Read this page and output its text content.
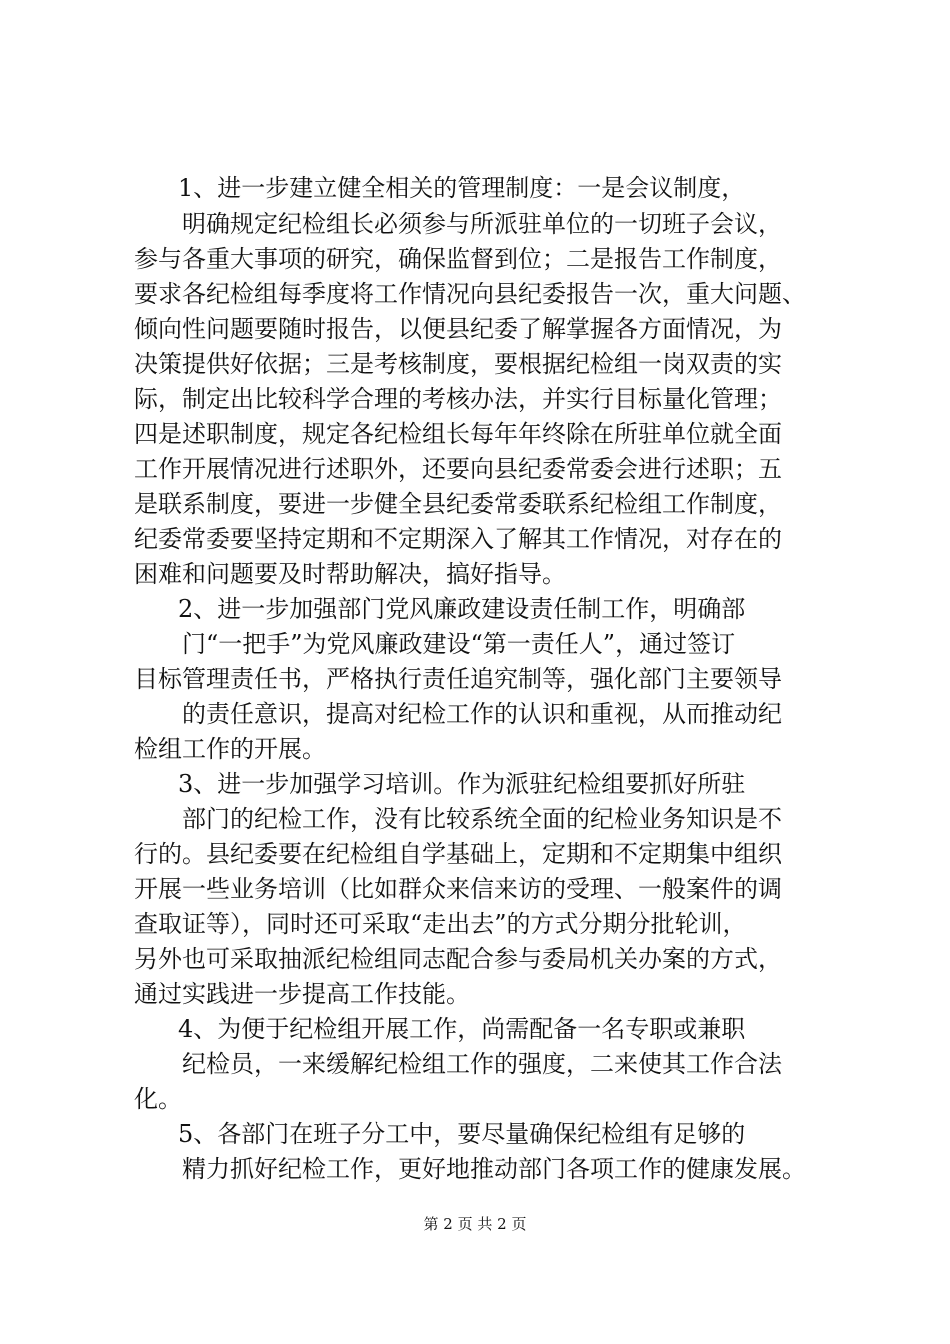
1、进一步建立健全相关的管理制度：一是会议制度，
明确规定纪检组长必须参与所派驻单位的一切班子会议，
参与各重大事项的研究，确保监督到位；二是报告工作制度，
要求各纪检组每季度将工作情况向县纪委报告一次，重大问题、
倾向性问题要随时报告，以便县纪委了解掌握各方面情况，为
决策提供好依据；三是考核制度，要根据纪检组一岗双责的实
际，制定出比较科学合理的考核办法，并实行目标量化管理；
四是述职制度，规定各纪检组长每年年终除在所驻单位就全面
工作开展情况进行述职外，还要向县纪委常委会进行述职；五
是联系制度，要进一步健全县纪委常委联系纪检组工作制度，
纪委常委要坚持定期和不定期深入了解其工作情况，对存在的
困难和问题要及时帮助解决，搞好指导。
2、进一步加强部门党风廉政建设责任制工作，明确部
门“一把手”为党风廉政建设“第一责任人”，通过签订
目标管理责任书，严格执行责任追究制等，强化部门主要领导
的责任意识，提高对纪检工作的认识和重视，从而推动纪
检组工作的开展。
3、进一步加强学习培训。作为派驻纪检组要抓好所驻
部门的纪检工作，没有比较系统全面的纪检业务知识是不
行的。县纪委要在纪检组自学基础上，定期和不定期集中组织
开展一些业务培训（比如群众来信来访的受理、一般案件的调
查取证等），同时还可采取“走出去”的方式分期分批轮训，
另外也可采取抽派纪检组同志配合参与委局机关办案的方式，
通过实践进一步提高工作技能。
4、为便于纪检组开展工作，尚需配备一名专职或兼职
纪检员，一来缓解纪检组工作的强度，二来使其工作合法
化。
5、各部门在班子分工中，要尽量确保纪检组有足够的
精力抓好纪检工作，更好地推动部门各项工作的健康发展。
第 2 页 共 2 页
